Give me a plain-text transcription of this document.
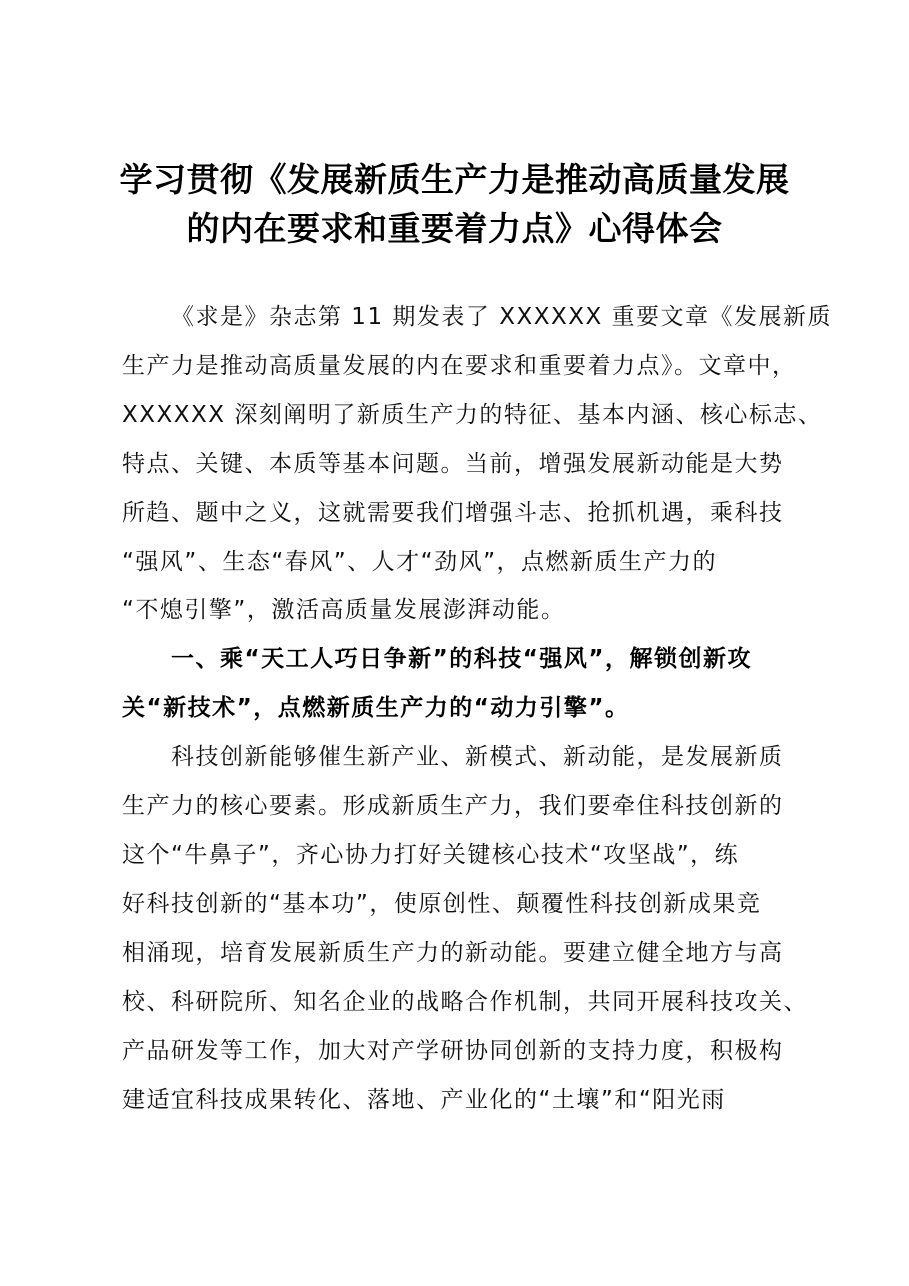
学习贯彻《发展新质生产力是推动高质量发展
的内在要求和重要着力点》心得体会
《求是》杂志第 11 期发表了 XXXXXX 重要文章《发展新质
生产力是推动高质量发展的内在要求和重要着力点》。文章中，
XXXXXX 深刻阐明了新质生产力的特征、基本内涵、核心标志、
特点、关键、本质等基本问题。当前，增强发展新动能是大势
所趋、题中之义，这就需要我们增强斗志、抢抓机遇，乘科技
“强风”、生态“春风”、人才“劲风”，点燃新质生产力的
“不熄引擎”，激活高质量发展澎湃动能。
一、乘“天工人巧日争新”的科技“强风”，解锁创新攻
关“新技术”，点燃新质生产力的“动力引擎”。
科技创新能够催生新产业、新模式、新动能，是发展新质
生产力的核心要素。形成新质生产力，我们要牵住科技创新的
这个“牛鼻子”，齐心协力打好关键核心技术“攻坚战”，练
好科技创新的“基本功”，使原创性、颠覆性科技创新成果竞
相涌现，培育发展新质生产力的新动能。要建立健全地方与高
校、科研院所、知名企业的战略合作机制，共同开展科技攻关、
产品研发等工作，加大对产学研协同创新的支持力度，积极构
建适宜科技成果转化、落地、产业化的“土壤”和“阳光雨
